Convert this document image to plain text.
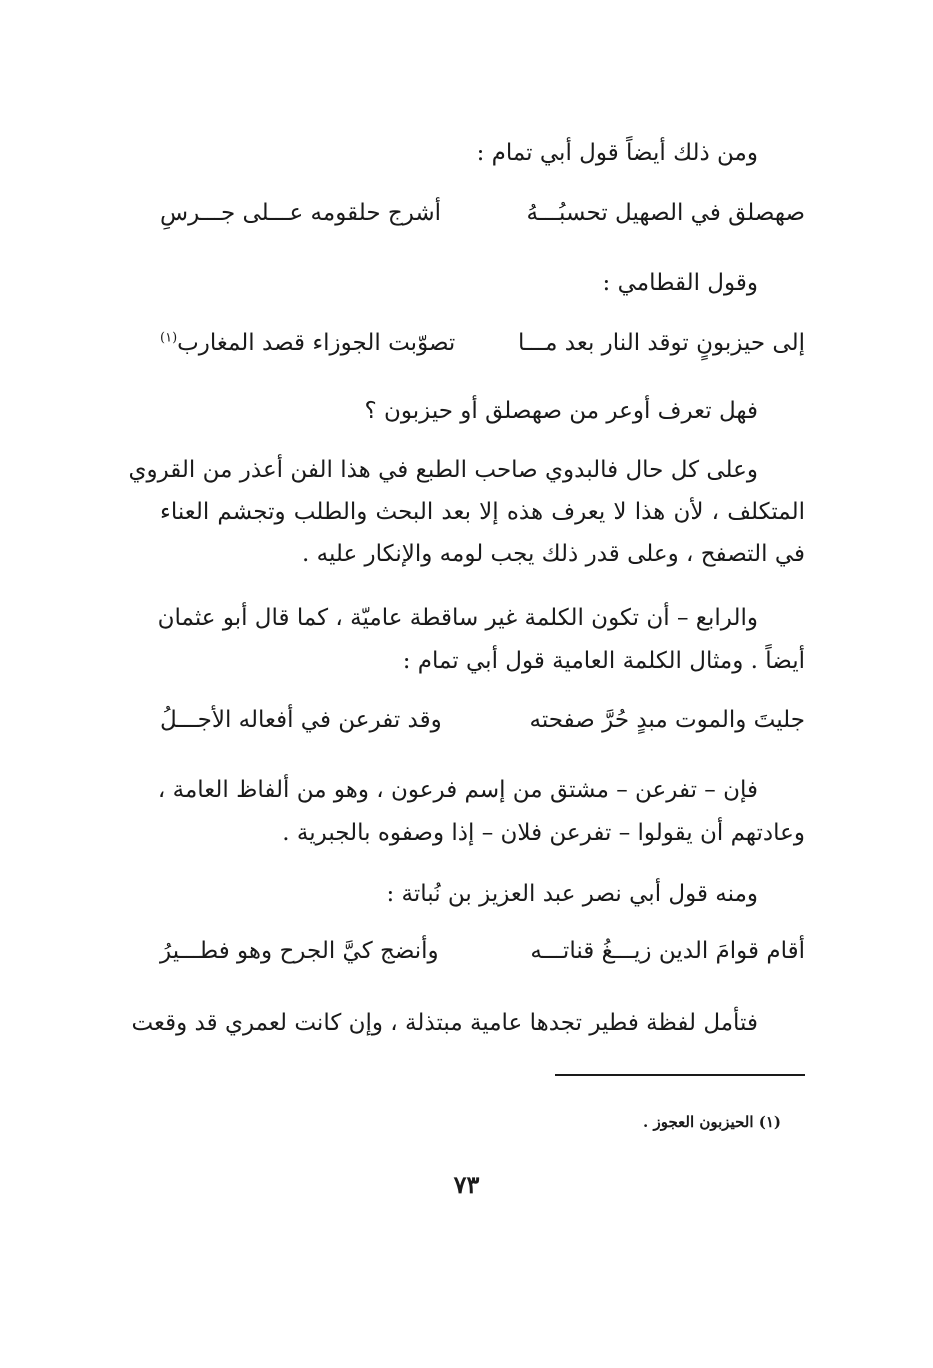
ومن ذلك أيضاً قول أبي تمام :
صهصلق في الصهيل تحسبُـــهُ
أشرج حلقومه عـــلى جـــرسِ
وقول القطامي :
إلى حيزبونٍ توقد النار بعد مـــا
تصوّبت الجوزاء قصد المغارب$^{(١)}$
فهل تعرف أوعر من صهصلق أو حيزبون ؟
وعلى كل حال فالبدوي صاحب الطبع في هذا الفن أعذر من القروي
المتكلف ، لأن هذا لا يعرف هذه إلا بعد البحث والطلب وتجشم العناء
في التصفح ، وعلى قدر ذلك يجب لومه والإنكار عليه .
والرابع – أن تكون الكلمة غير ساقطة عاميّة ، كما قال أبو عثمان
أيضاً . ومثال الكلمة العامية قول أبي تمام :
جليتَ والموت مبدٍ حُرَّ صفحته
وقد تفرعن في أفعاله الأجـــلُ
فإن – تفرعن – مشتق من إسم فرعون ، وهو من ألفاظ العامة ،
وعادتهم أن يقولوا – تفرعن فلان – إذا وصفوه بالجبرية .
ومنه قول أبي نصر عبد العزيز بن نُباتة :
أقام قوامَ الدين زيـــغُ قناتـــه
وأنضج كيَّ الجرح وهو فطـــيرُ
فتأمل لفظة فطير تجدها عامية مبتذلة ، وإن كانت لعمري قد وقعت
(١) الحيزبون العجوز .
٧٣
